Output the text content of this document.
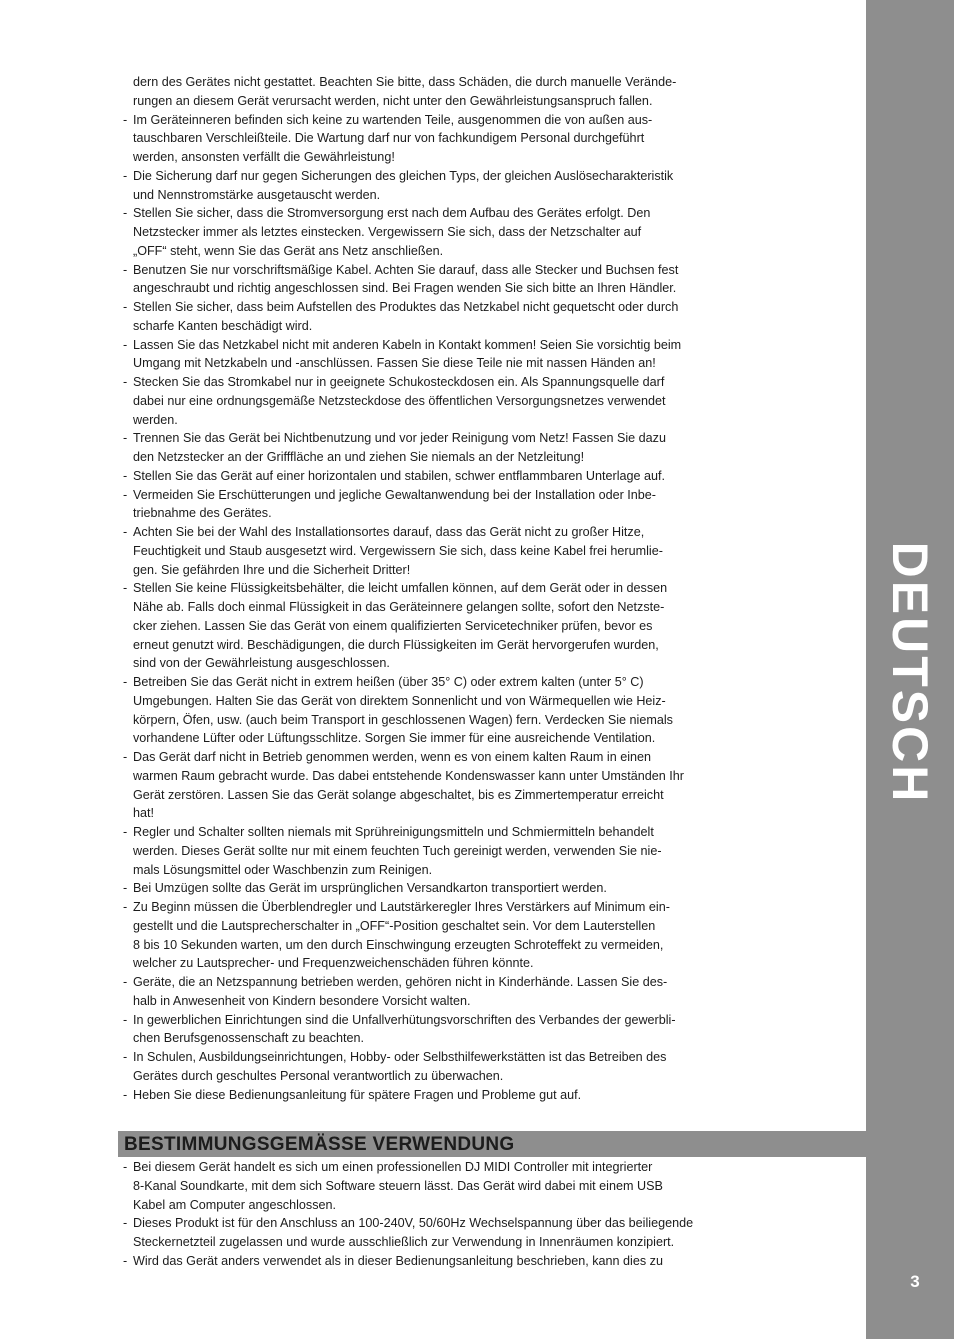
DEUTSCH
3
dern des Gerätes nicht gestattet. Beachten Sie bitte, dass Schäden, die durch manuelle Verände-
rungen an diesem Gerät verursacht werden, nicht unter den Gewährleistungsanspruch fallen.
- Im Geräteinneren befinden sich keine zu wartenden Teile, ausgenommen die von außen aus-
tauschbaren Verschleißteile. Die Wartung darf nur von fachkundigem Personal durchgeführt
werden, ansonsten verfällt die Gewährleistung!
- Die Sicherung darf nur gegen Sicherungen des gleichen Typs, der gleichen Auslösecharakteristik
und Nennstromstärke ausgetauscht werden.
- Stellen Sie sicher, dass die Stromversorgung erst nach dem Aufbau des Gerätes erfolgt. Den
Netzstecker immer als letztes einstecken. Vergewissern Sie sich, dass der Netzschalter auf
„OFF“ steht, wenn Sie das Gerät ans Netz anschließen.
- Benutzen Sie nur vorschriftsmäßige Kabel. Achten Sie darauf, dass alle Stecker und Buchsen fest
angeschraubt und richtig angeschlossen sind. Bei Fragen wenden Sie sich bitte an Ihren Händler.
- Stellen Sie sicher, dass beim Aufstellen des Produktes das Netzkabel nicht gequetscht oder durch
scharfe Kanten beschädigt wird.
- Lassen Sie das Netzkabel nicht mit anderen Kabeln in Kontakt kommen! Seien Sie vorsichtig beim
Umgang mit Netzkabeln und -anschlüssen. Fassen Sie diese Teile nie mit nassen Händen an!
- Stecken Sie das Stromkabel nur in geeignete Schukosteckdosen ein. Als Spannungsquelle darf
dabei nur eine ordnungsgemäße Netzsteckdose des öffentlichen Versorgungsnetzes verwendet
werden.
- Trennen Sie das Gerät bei Nichtbenutzung und vor jeder Reinigung vom Netz! Fassen Sie dazu
den Netzstecker an der Grifffläche an und ziehen Sie niemals an der Netzleitung!
- Stellen Sie das Gerät auf einer horizontalen und stabilen, schwer entflammbaren Unterlage auf.
- Vermeiden Sie Erschütterungen und jegliche Gewaltanwendung bei der Installation oder Inbe-
triebnahme des Gerätes.
- Achten Sie bei der Wahl des Installationsortes darauf, dass das Gerät nicht zu großer Hitze,
Feuchtigkeit und Staub ausgesetzt wird. Vergewissern Sie sich, dass keine Kabel frei herumlie-
gen. Sie gefährden Ihre und die Sicherheit Dritter!
- Stellen Sie keine Flüssigkeitsbehälter, die leicht umfallen können, auf dem Gerät oder in dessen
Nähe ab. Falls doch einmal Flüssigkeit in das Geräteinnere gelangen sollte, sofort den Netzste-
cker ziehen. Lassen Sie das Gerät von einem qualifizierten Servicetechniker prüfen, bevor es
erneut genutzt wird. Beschädigungen, die durch Flüssigkeiten im Gerät hervorgerufen wurden,
sind von der Gewährleistung ausgeschlossen.
- Betreiben Sie das Gerät nicht in extrem heißen (über 35° C) oder extrem kalten (unter 5° C)
Umgebungen. Halten Sie das Gerät von direktem Sonnenlicht und von Wärmequellen wie Heiz-
körpern, Öfen, usw. (auch beim Transport in geschlossenen Wagen) fern. Verdecken Sie niemals
vorhandene Lüfter oder Lüftungsschlitze. Sorgen Sie immer für eine ausreichende Ventilation.
- Das Gerät darf nicht in Betrieb genommen werden, wenn es von einem kalten Raum in einen
warmen Raum gebracht wurde. Das dabei entstehende Kondenswasser kann unter Umständen Ihr
Gerät zerstören. Lassen Sie das Gerät solange abgeschaltet, bis es Zimmertemperatur erreicht
hat!
- Regler und Schalter sollten niemals mit Sprühreinigungsmitteln und Schmiermitteln behandelt
werden. Dieses Gerät sollte nur mit einem feuchten Tuch gereinigt werden, verwenden Sie nie-
mals Lösungsmittel oder Waschbenzin zum Reinigen.
- Bei Umzügen sollte das Gerät im ursprünglichen Versandkarton transportiert werden.
- Zu Beginn müssen die Überblendregler und Lautstärkeregler Ihres Verstärkers auf Minimum ein-
gestellt und die Lautsprecherschalter in „OFF“-Position geschaltet sein. Vor dem Lauterstellen
8 bis 10 Sekunden warten, um den durch Einschwingung erzeugten Schroteffekt zu vermeiden,
welcher zu Lautsprecher- und Frequenzweichenschäden führen könnte.
- Geräte, die an Netzspannung betrieben werden, gehören nicht in Kinderhände. Lassen Sie des-
halb in Anwesenheit von Kindern besondere Vorsicht walten.
- In gewerblichen Einrichtungen sind die Unfallverhütungsvorschriften des Verbandes der gewerbli-
chen Berufsgenossenschaft zu beachten.
- In Schulen, Ausbildungseinrichtungen, Hobby- oder Selbsthilfewerkstätten ist das Betreiben des
Gerätes durch geschultes Personal verantwortlich zu überwachen.
- Heben Sie diese Bedienungsanleitung für spätere Fragen und Probleme gut auf.
BESTIMMUNGSGEMÄSSE VERWENDUNG
- Bei diesem Gerät handelt es sich um einen professionellen DJ MIDI Controller mit integrierter
8-Kanal Soundkarte, mit dem sich Software steuern lässt. Das Gerät wird dabei mit einem USB
Kabel am Computer angeschlossen.
- Dieses Produkt ist für den Anschluss an 100-240V, 50/60Hz Wechselspannung über das beiliegende
Steckernetzteil zugelassen und wurde ausschließlich zur Verwendung in Innenräumen konzipiert.
- Wird das Gerät anders verwendet als in dieser Bedienungsanleitung beschrieben, kann dies zu
